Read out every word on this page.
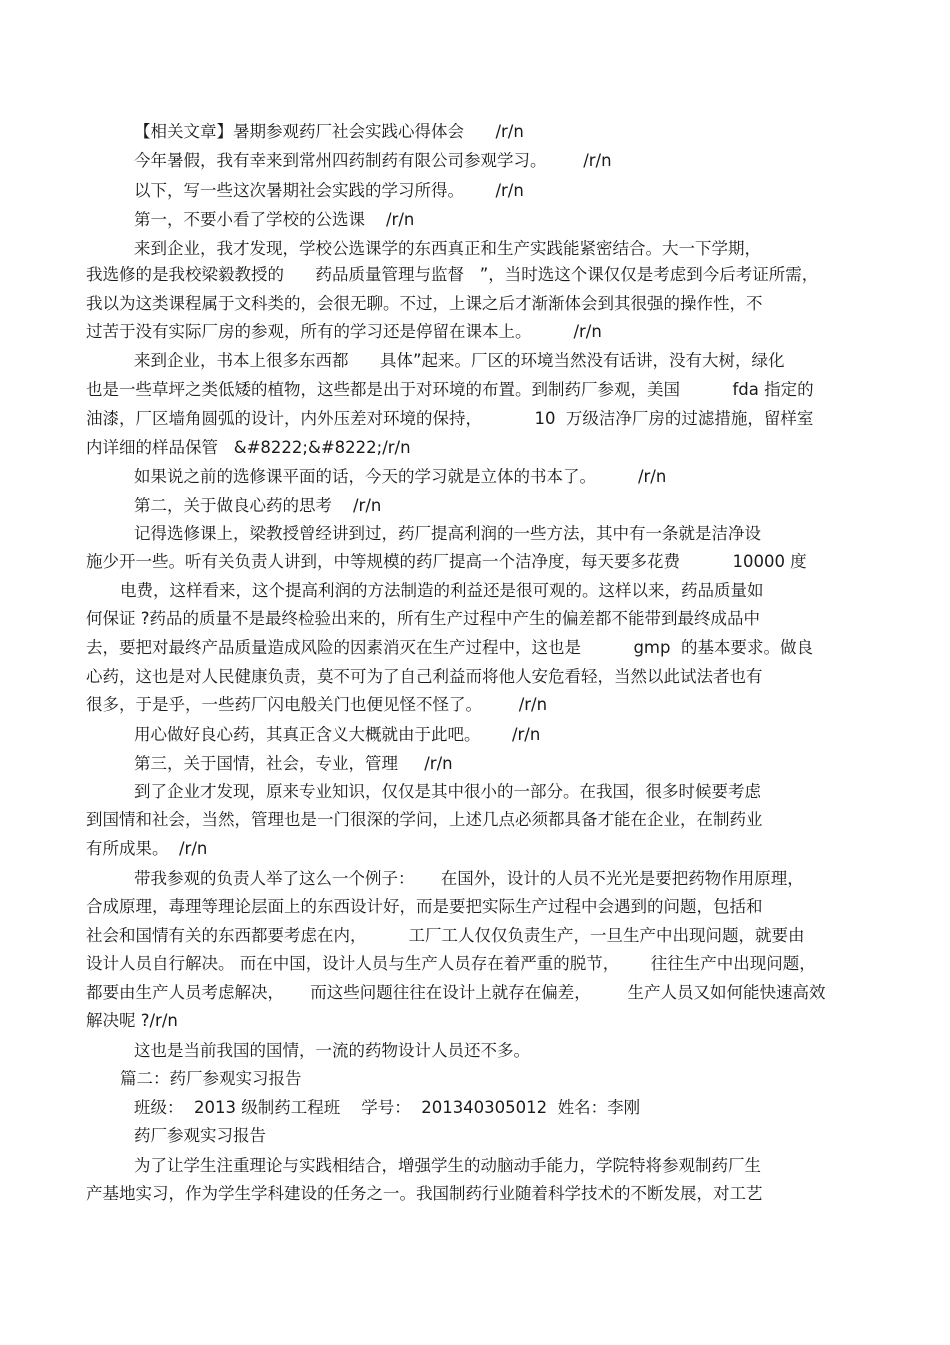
【相关文章】暑期参观药厂社会实践心得体会      /r/n
今年暑假，我有幸来到常州四药制药有限公司参观学习。       /r/n
以下，写一些这次暑期社会实践的学习所得。      /r/n
第一，不要小看了学校的公选课    /r/n
来到企业，我才发现，学校公选课学的东西真正和生产实践能紧密结合。大一下学期，
我选修的是我校梁毅教授的      药品质量管理与监督   ”，当时选这个课仅仅是考虑到今后考证所需，
我以为这类课程属于文科类的，会很无聊。不过，上课之后才渐渐体会到其很强的操作性，不
过苦于没有实际厂房的参观，所有的学习还是停留在课本上。        /r/n
来到企业，书本上很多东西都      具体”起来。厂区的环境当然没有话讲，没有大树，绿化
也是一些草坪之类低矮的植物，这些都是出于对环境的布置。到制药厂参观，美国          fda 指定的
油漆，厂区墙角圆弧的设计，内外压差对环境的保持，          10  万级洁净厂房的过滤措施，留样室
内详细的样品保管   &#8222;&#8222;/r/n
如果说之前的选修课平面的话，今天的学习就是立体的书本了。        /r/n
第二，关于做良心药的思考    /r/n
记得选修课上，梁教授曾经讲到过，药厂提高利润的一些方法，其中有一条就是洁净设
施少开一些。听有关负责人讲到，中等规模的药厂提高一个洁净度，每天要多花费          10000 度
电费，这样看来，这个提高利润的方法制造的利益还是很可观的。这样以来，药品质量如
何保证 ?药品的质量不是最终检验出来的，所有生产过程中产生的偏差都不能带到最终成品中
去，要把对最终产品质量造成风险的因素消灭在生产过程中，这也是          gmp  的基本要求。做良
心药，这也是对人民健康负责，莫不可为了自己利益而将他人安危看轻，当然以此试法者也有
很多，于是乎，一些药厂闪电般关门也便见怪不怪了。       /r/n
用心做好良心药，其真正含义大概就由于此吧。      /r/n
第三，关于国情，社会，专业，管理     /r/n
到了企业才发现，原来专业知识，仅仅是其中很小的一部分。在我国，很多时候要考虑
到国情和社会，当然，管理也是一门很深的学问，上述几点必须都具备才能在企业，在制药业
有所成果。  /r/n
带我参观的负责人举了这么一个例子：     在国外，设计的人员不光光是要把药物作用原理，
合成原理，毒理等理论层面上的东西设计好，而是要把实际生产过程中会遇到的问题，包括和
社会和国情有关的东西都要考虑在内，        工厂工人仅仅负责生产，一旦生产中出现问题，就要由
设计人员自行解决。 而在中国，设计人员与生产人员存在着严重的脱节，      往往生产中出现问题，
都要由生产人员考虑解决，     而这些问题往往在设计上就存在偏差，       生产人员又如何能快速高效
解决呢 ?/r/n
这也是当前我国的国情，一流的药物设计人员还不多。
篇二：药厂参观实习报告
班级：  2013 级制药工程班    学号：  201340305012  姓名：李刚
药厂参观实习报告
为了让学生注重理论与实践相结合，增强学生的动脑动手能力，学院特将参观制药厂生
产基地实习，作为学生学科建设的任务之一。我国制药行业随着科学技术的不断发展，对工艺
